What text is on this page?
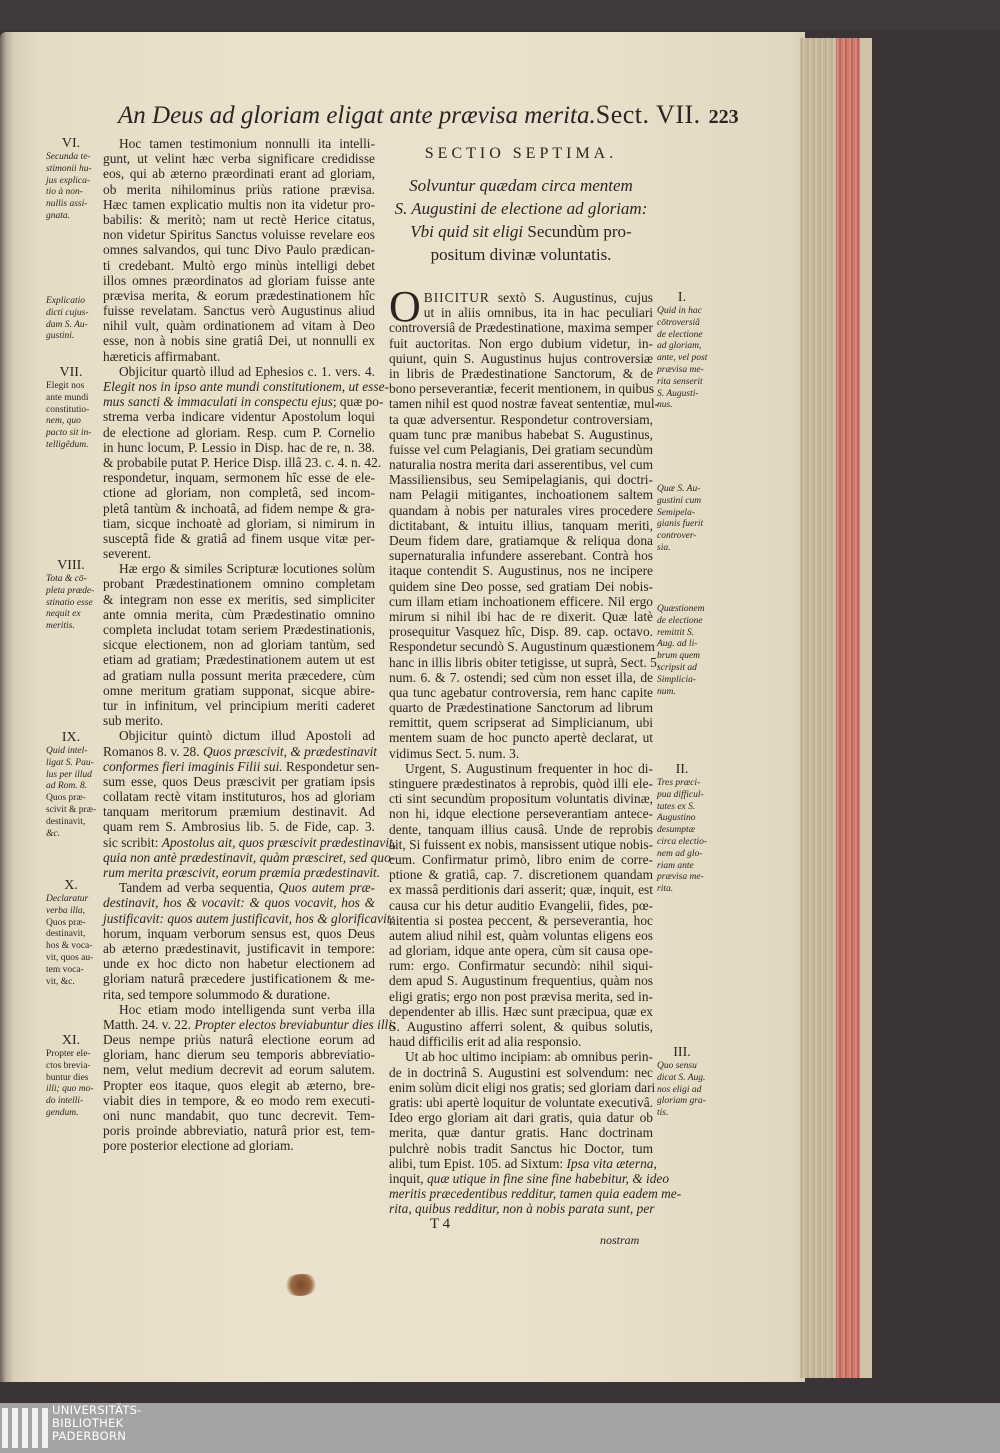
An Deus ad gloriam eligat ante prævisa merita.Sect. VII. 223
SECTIO SEPTIMA.
Solvuntur quædam circa mentem
S. Augustini de electione ad gloriam:
Vbi quid sit eligi Secundùm pro-
positum divinæ voluntatis.
Hoc tamen testimonium nonnulli ita intelli-
gunt, ut velint hæc verba significare credidisse
eos, qui ab æterno præordinati erant ad gloriam,
ob merita nihilominus priùs ratione prævisa.
Hæc tamen explicatio multis non ita videtur pro-
babilis: & meritò; nam ut rectè Herice citatus,
non videtur Spiritus Sanctus voluisse revelare eos
omnes salvandos, qui tunc Divo Paulo prædican-
ti credebant. Multò ergo minùs intelligi debet
illos omnes præordinatos ad gloriam fuisse ante
prævisa merita, & eorum prædestinationem hîc
fuisse revelatam. Sanctus verò Augustinus aliud
nihil vult, quàm ordinationem ad vitam à Deo
esse, non à nobis sine gratiâ Dei, ut nonnulli ex
hæreticis affirmabant.
Objicitur quartò illud ad Ephesios c. 1. vers. 4.
Elegit nos in ipso ante mundi constitutionem, ut esse-
mus sancti & immaculati in conspectu ejus; quæ po-
strema verba indicare videntur Apostolum loqui
de electione ad gloriam. Resp. cum P. Cornelio
in hunc locum, P. Lessio in Disp. hac de re, n. 38.
& probabile putat P. Herice Disp. illâ 23. c. 4. n. 42.
respondetur, inquam, sermonem hîc esse de ele-
ctione ad gloriam, non completâ, sed incom-
pletâ tantùm & inchoatâ, ad fidem nempe & gra-
tiam, sicque inchoatè ad gloriam, si nimirum in
susceptâ fide & gratiâ ad finem usque vitæ per-
severent.
Hæ ergo & similes Scripturæ locutiones solùm
probant Prædestinationem omnino completam
& integram non esse ex meritis, sed simpliciter
ante omnia merita, cùm Prædestinatio omnino
completa includat totam seriem Prædestinationis,
sicque electionem, non ad gloriam tantùm, sed
etiam ad gratiam; Prædestinationem autem ut est
ad gratiam nulla possunt merita præcedere, cùm
omne meritum gratiam supponat, sicque abire-
tur in infinitum, vel principium meriti caderet
sub merito.
Objicitur quintò dictum illud Apostoli ad
Romanos 8. v. 28. Quos præscivit, & prædestinavit
conformes fieri imaginis Filii sui. Respondetur sen-
sum esse, quos Deus præscivit per gratiam ipsis
collatam rectè vitam instituturos, hos ad gloriam
tanquam meritorum præmium destinavit. Ad
quam rem S. Ambrosius lib. 5. de Fide, cap. 3.
sic scribit: Apostolus ait, quos præscivit prædestinavit,
quia non antè prædestinavit, quàm præsciret, sed quo-
rum merita præscivit, eorum præmia prædestinavit.
Tandem ad verba sequentia, Quos autem præ-
destinavit, hos & vocavit: & quos vocavit, hos &
justificavit: quos autem justificavit, hos & glorificavit:
horum, inquam verborum sensus est, quos Deus
ab æterno prædestinavit, justificavit in tempore:
unde ex hoc dicto non habetur electionem ad
gloriam naturâ præcedere justificationem & me-
rita, sed tempore solummodo & duratione.
Hoc etiam modo intelligenda sunt verba illa
Matth. 24. v. 22. Propter electos breviabuntur dies illi:
Deus nempe priùs naturâ electione eorum ad
gloriam, hanc dierum seu temporis abbreviatio-
nem, velut medium decrevit ad eorum salutem.
Propter eos itaque, quos elegit ab æterno, bre-
viabit dies in tempore, & eo modo rem executi-
oni nunc mandabit, quo tunc decrevit. Tem-
poris proinde abbreviatio, naturâ prior est, tem-
pore posterior electione ad gloriam.
O BIICITUR sextò S. Augustinus, cujus
ut in aliis omnibus, ita in hac peculiari
controversiâ de Prædestinatione, maxima semper
fuit auctoritas. Non ergo dubium videtur, in-
quiunt, quin S. Augustinus hujus controversiæ
in libris de Prædestinatione Sanctorum, & de
bono perseverantiæ, fecerit mentionem, in quibus
tamen nihil est quod nostræ faveat sententiæ, mul-
ta quæ adversentur. Respondetur controversiam,
quam tunc præ manibus habebat S. Augustinus,
fuisse vel cum Pelagianis, Dei gratiam secundùm
naturalia nostra merita dari asserentibus, vel cum
Massiliensibus, seu Semipelagianis, qui doctri-
nam Pelagii mitigantes, inchoationem saltem
quandam à nobis per naturales vires procedere
dictitabant, & intuitu illius, tanquam meriti,
Deum fidem dare, gratiamque & reliqua dona
supernaturalia infundere asserebant. Contrà hos
itaque contendit S. Augustinus, nos ne incipere
quidem sine Deo posse, sed gratiam Dei nobis-
cum illam etiam inchoationem efficere. Nil ergo
mirum si nihil ibi hac de re dixerit. Quæ latè
prosequitur Vasquez hîc, Disp. 89. cap. octavo.
Respondetur secundò S. Augustinum quæstionem
hanc in illis libris obiter tetigisse, ut suprà, Sect. 5.
num. 6. & 7. ostendi; sed cùm non esset illa, de
qua tunc agebatur controversia, rem hanc capite
quarto de Prædestinatione Sanctorum ad librum
remittit, quem scripserat ad Simplicianum, ubi
mentem suam de hoc puncto apertè declarat, ut
vidimus Sect. 5. num. 3.
Urgent, S. Augustinum frequenter in hoc di-
stinguere prædestinatos à reprobis, quòd illi ele-
cti sint secundùm propositum voluntatis divinæ,
non hi, idque electione perseverantiam antece-
dente, tanquam illius causâ. Unde de reprobis
ait, Si fuissent ex nobis, mansissent utique nobis-
cum. Confirmatur primò, libro enim de corre-
ptione & gratiâ, cap. 7. discretionem quandam
ex massâ perditionis dari asserit; quæ, inquit, est
causa cur his detur auditio Evangelii, fides, pœ-
nitentia si postea peccent, & perseverantia, hoc
autem aliud nihil est, quàm voluntas eligens eos
ad gloriam, idque ante opera, cùm sit causa ope-
rum: ergo. Confirmatur secundò: nihil siqui-
dem apud S. Augustinum frequentius, quàm nos
eligi gratis; ergo non post prævisa merita, sed in-
dependenter ab illis. Hæc sunt præcipua, quæ ex
S. Augustino afferri solent, & quibus solutis,
haud difficilis erit ad alia responsio.
Ut ab hoc ultimo incipiam: ab omnibus perin-
de in doctrinâ S. Augustini est solvendum: nec
enim solùm dicit eligi nos gratis; sed gloriam dari
gratis: ubi apertè loquitur de voluntate executivâ.
Ideo ergo gloriam ait dari gratis, quia datur ob
merita, quæ dantur gratis. Hanc doctrinam
pulchrè nobis tradit Sanctus hic Doctor, tum
alibi, tum Epist. 105. ad Sixtum: Ipsa vita æterna,
inquit, quæ utique in fine sine fine habebitur, & ideo
meritis præcedentibus redditur, tamen quia eadem me-
rita, quibus redditur, non à nobis parata sunt, per
VI.
Secunda te-
stimonii hu-
jus explica-
tio à non-
nullis assi-
gnata.
Explicatio
dicti cujus-
dam S. Au-
gustini.
VII.
Elegit nos
ante mundi
constitutio-
nem, quo
pacto sit in-
telligêdum.
VIII.
Tota & cō-
pleta præde-
stinatio esse
nequit ex
meritis.
IX.
Quid intel-
ligat S. Pau-
lus per illud
ad Rom. 8.
Quos præ-
scivit & præ-
destinavit,
&c.
X.
Declaratur
verba illa,
Quos præ-
destinavit,
hos & voca-
vit, quos au-
tem voca-
vit, &c.
XI.
Propter ele-
ctos brevia-
buntur dies
illi; quo mo-
do intelli-
gendum.
I.
Quid in hac
cōtroversiâ
de electione
ad gloriam,
ante, vel post
prævisa me-
rita senserit
S. Augusti-
nus.
Quæ S. Au-
gustini cum
Semipela-
gianis fuerit
controver-
sia.
Quæstionem
de electione
remittit S.
Aug. ad li-
brum quem
scripsit ad
Simplicia-
num.
II.
Tres præci-
pua difficul-
tates ex S.
Augustino
desumptæ
circa electio-
nem ad glo-
riam ante
prævisa me-
rita.
III.
Quo sensu
dicat S. Aug.
nos eligi ad
gloriam gra-
tis.
T 4
nostram
UNIVERSITÄTS-
BIBLIOTHEK
PADERBORN
